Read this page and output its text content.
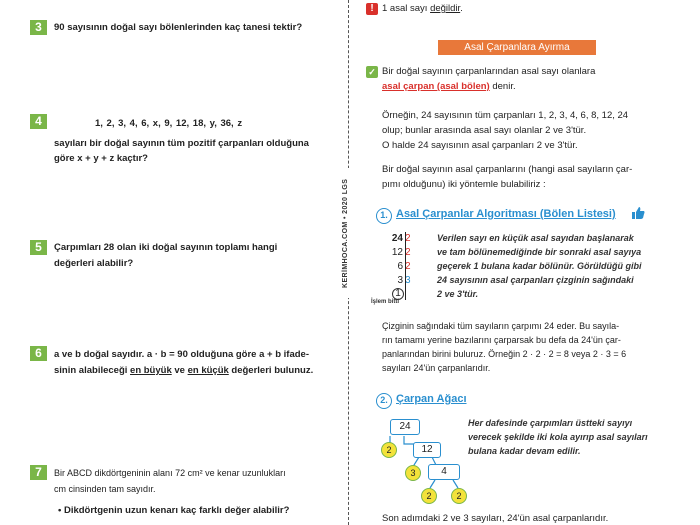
3	90 sayısının doğal sayı bölenlerinden kaç tanesi tektir?
4	1, 2, 3, 4, 6, x, 9, 12, 18, y, 36, z
sayıları bir doğal sayının tüm pozitif çarpanları olduğuna
göre x + y + z kaçtır?
5	Çarpımları 28 olan iki doğal sayının toplamı hangi
değerleri alabilir?
6	a ve b doğal sayıdır. a · b = 90 olduğuna göre a + b ifade-
sinin alabileceği en büyük ve en küçük değerleri bulunuz.
7	Bir ABCD dikdörtgeninin alanı 72 cm² ve kenar uzunlukları
cm cinsinden tam sayıdır.
• Dikdörtgenin uzun kenarı kaç farklı değer alabilir?
KERİMHOCA.COM • 2020 LGS
! 1 asal sayı değildir.
Asal Çarpanlara Ayırma
✓ Bir doğal sayının çarpanlarından asal sayı olanlara
asal çarpan (asal bölen) denir.
Örneğin, 24 sayısının tüm çarpanları 1, 2, 3, 4, 6, 8, 12, 24
olup; bunlar arasında asal sayı olanlar 2 ve 3'tür.
O halde 24 sayısının asal çarpanları 2 ve 3'tür.
Bir doğal sayının asal çarpanlarını (hangi asal sayıların çar-
pımı olduğunu) iki yöntemle bulabiliriz :
1. Asal Çarpanlar Algoritması (Bölen Listesi)
24 2
12 2
6 2
3 3
1
İşlem bitti
Verilen sayı en küçük asal sayıdan başlanarak
ve tam bölünemediğinde bir sonraki asal sayıya
geçerek 1 bulana kadar bölünür. Görüldüğü gibi
24 sayısının asal çarpanları çizginin sağındaki
2 ve 3'tür.
Çizginin sağındaki tüm sayıların çarpımı 24 eder. Bu sayıla-
rın tamamı yerine bazılarını çarparsak bu defa da 24'ün çar-
panlarından birini buluruz. Örneğin 2 · 2 · 2 = 8 veya 2 · 3 = 6
sayıları 24'ün çarpanlarıdır.
2. Çarpan Ağacı
24
2	12
3	4
2	2
Her dafesinde çarpımları üstteki sayıyı
verecek şekilde iki kola ayırıp asal sayıları
bulana kadar devam edilir.
Son adımdaki 2 ve 3 sayıları, 24'ün asal çarpanlarıdır.
